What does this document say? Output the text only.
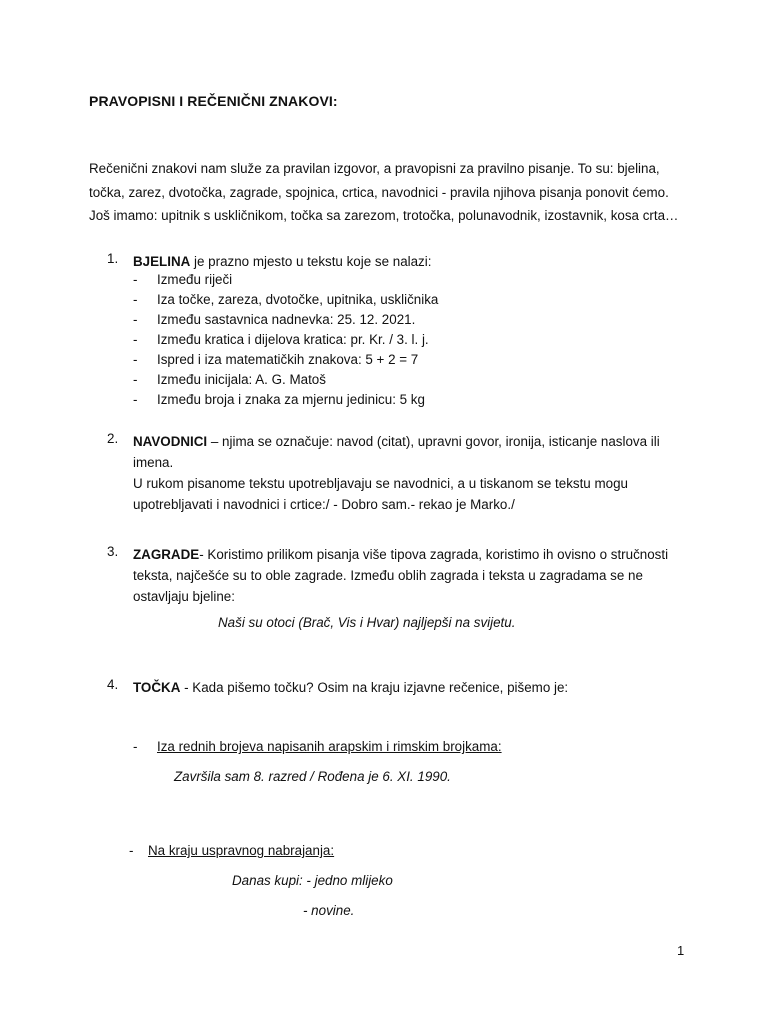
PRAVOPISNI I REČENIČNI ZNAKOVI:
Rečenični znakovi nam služe za pravilan izgovor, a pravopisni za pravilno pisanje. To su: bjelina, točka, zarez, dvotočka, zagrade, spojnica, crtica, navodnici - pravila njihova pisanja ponovit ćemo. Još imamo: upitnik s uskličnikom, točka sa zarezom, trotočka, polunavodnik, izostavnik, kosa crta…
1. BJELINA je prazno mjesto u tekstu koje se nalazi:
- Između riječi
- Iza točke, zareza, dvotočke, upitnika, uskličnika
- Između sastavnica nadnevka: 25. 12. 2021.
- Između kratica i dijelova kratica: pr. Kr. / 3. l. j.
- Ispred i iza matematičkih znakova: 5 + 2 = 7
- Između inicijala: A. G. Matoš
- Između broja i znaka za mjernu jedinicu: 5 kg
2. NAVODNICI – njima se označuje: navod (citat), upravni govor, ironija, isticanje naslova ili imena.
U rukom pisanome tekstu upotrebljavaju se navodnici, a u tiskanom se tekstu mogu upotrebljavati i navodnici i crtice:/ - Dobro sam.- rekao je Marko./
3. ZAGRADE- Koristimo prilikom pisanja više tipova zagrada, koristimo ih ovisno o stručnosti teksta, najčešće su to oble zagrade. Između oblih zagrada i teksta u zagradama se ne ostavljaju bjeline:
Naši su otoci (Brač, Vis i Hvar) najljepši na svijetu.
4. TOČKA - Kada pišemo točku? Osim na kraju izjavne rečenice, pišemo je:
- Iza rednih brojeva napisanih arapskim i rimskim brojkama:
Završila sam 8. razred / Rođena je 6. XI. 1990.
- Na kraju uspravnog nabrajanja:
Danas kupi: - jedno mlijeko
- novine.
1
